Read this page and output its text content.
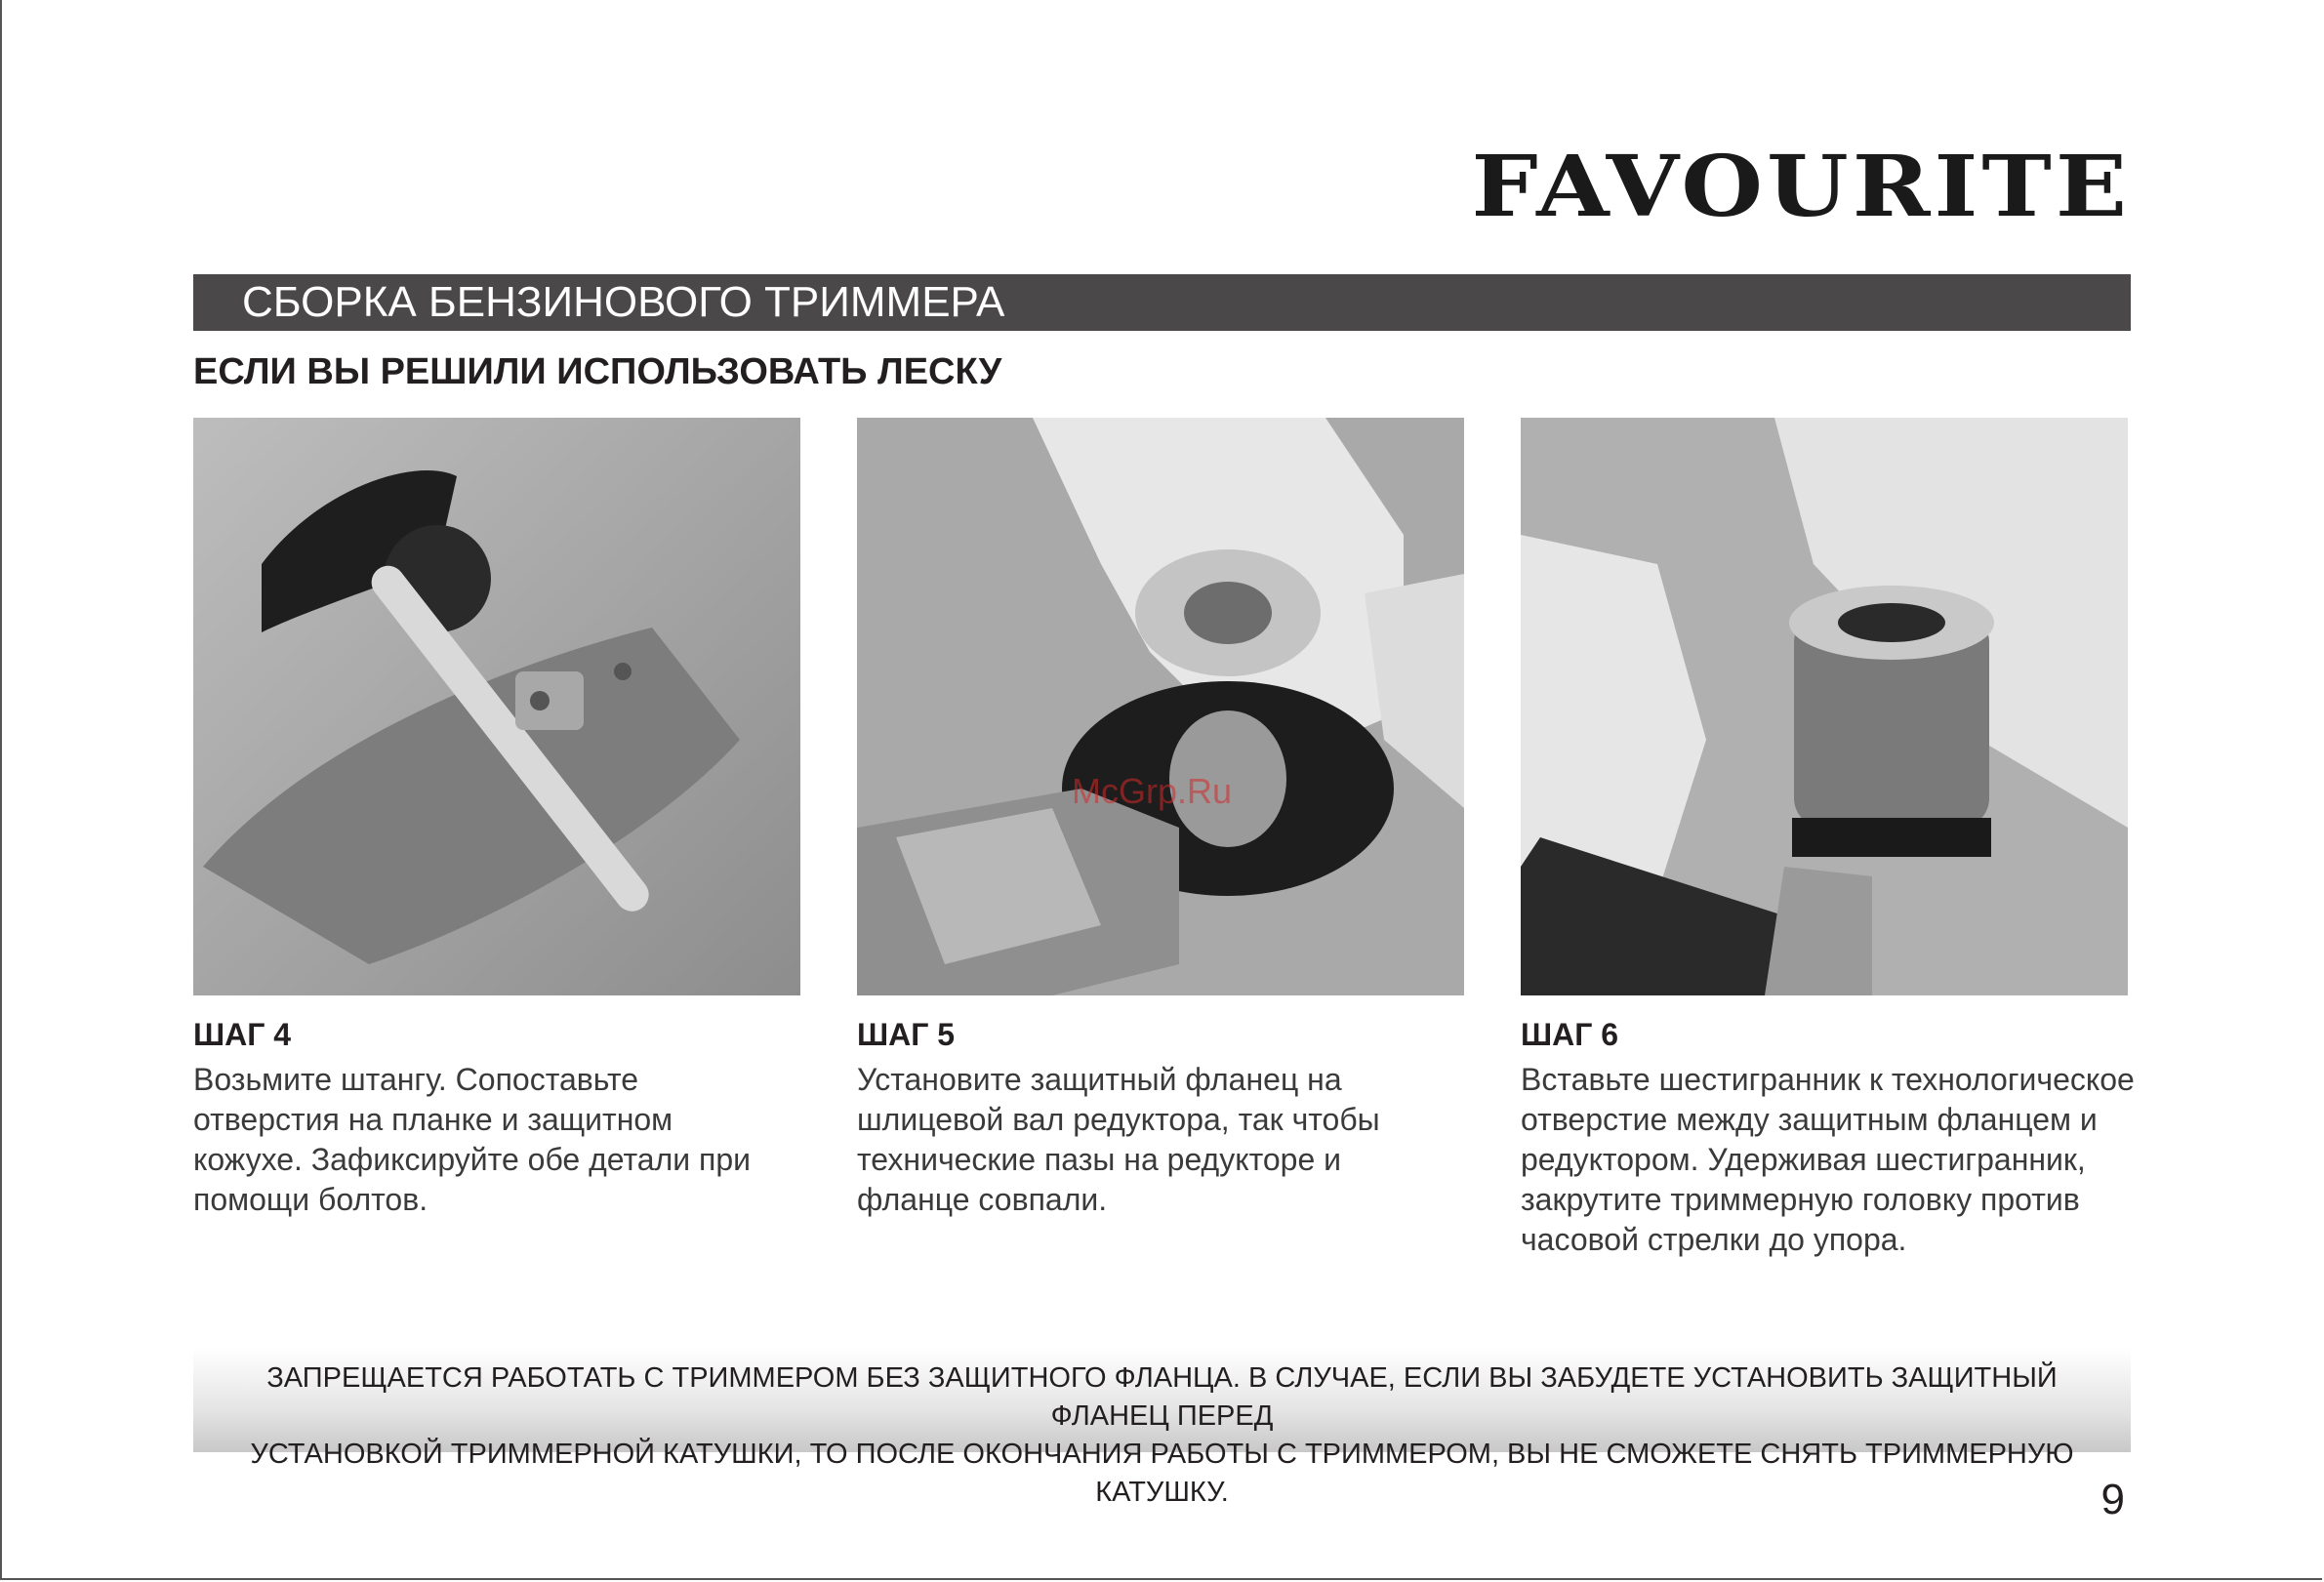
FAVOURITE
СБОРКА БЕНЗИНОВОГО ТРИММЕРА
ЕСЛИ ВЫ РЕШИЛИ ИСПОЛЬЗОВАТЬ ЛЕСКУ
McGrp.Ru

ШАГ 4

Возьмите штангу. Сопоставьте
отверстия на планке и защитном
кожухе. Зафиксируйте обе детали при
помощи болтов.

ШАГ 5

Установите защитный фланец на
шлицевой вал редуктора, так чтобы
технические пазы на редукторе и
фланце совпали.

ШАГ 6

Вставьте шестигранник к технологическое
отверстие между защитным фланцем и
редуктором. Удерживая шестигранник,
закрутите триммерную головку против
часовой стрелки до упора.

ЗАПРЕЩАЕТСЯ РАБОТАТЬ С ТРИММЕРОМ БЕЗ ЗАЩИТНОГО ФЛАНЦА. В СЛУЧАЕ, ЕСЛИ ВЫ ЗАБУДЕТЕ УСТАНОВИТЬ ЗАЩИТНЫЙ ФЛАНЕЦ ПЕРЕД
УСТАНОВКОЙ ТРИММЕРНОЙ КАТУШКИ, ТО ПОСЛЕ ОКОНЧАНИЯ РАБОТЫ С ТРИММЕРОМ, ВЫ НЕ СМОЖЕТЕ СНЯТЬ ТРИММЕРНУЮ КАТУШКУ.	9
